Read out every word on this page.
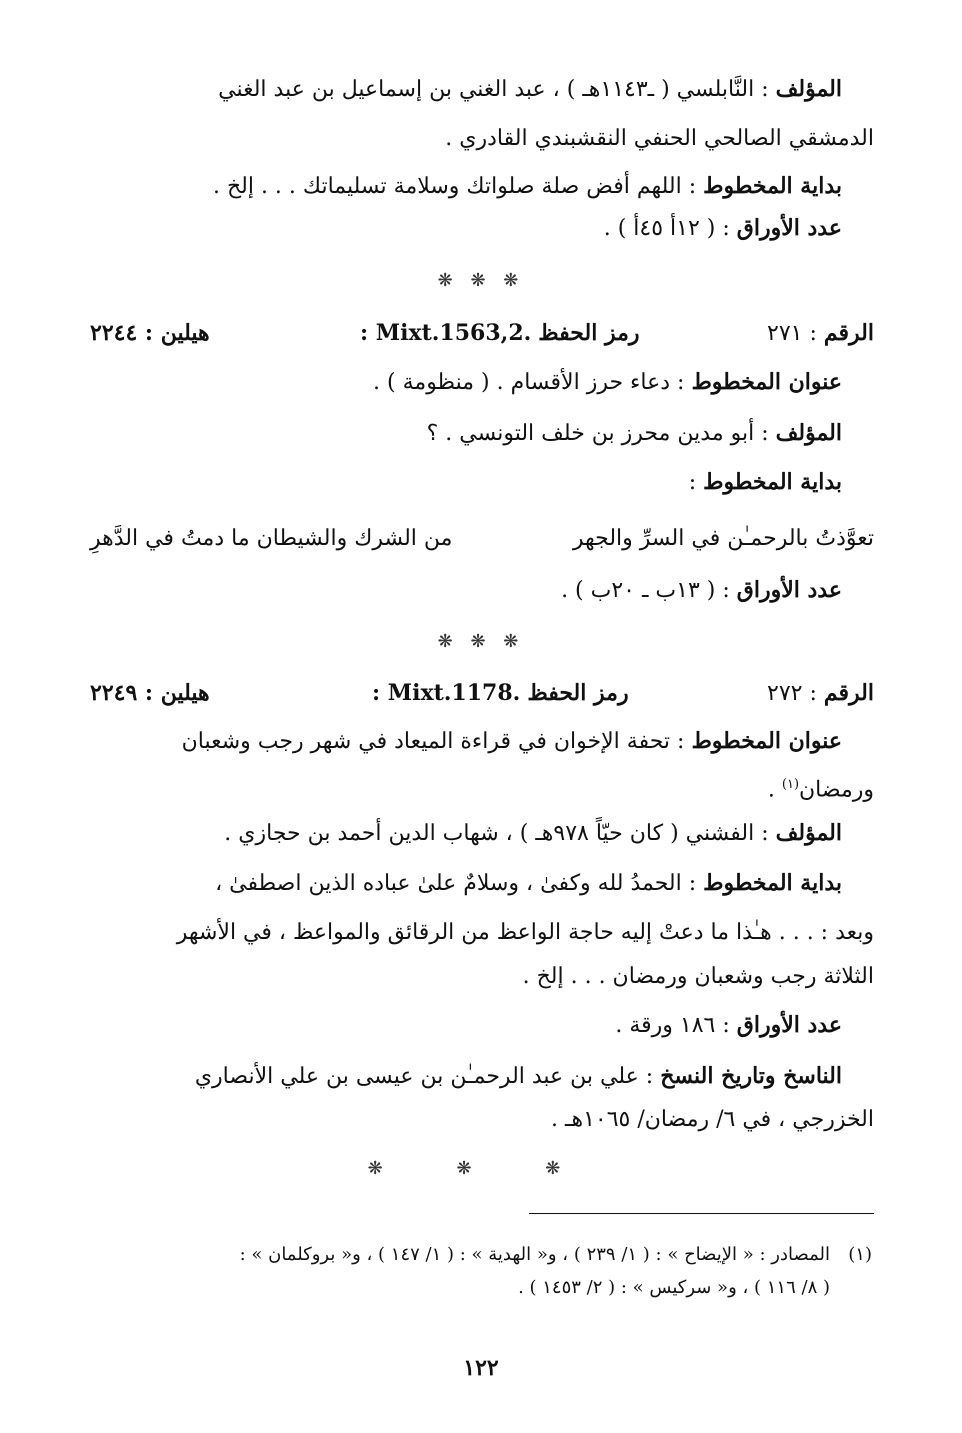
المؤلف : النَّابلسي ( ـ١١٤٣هـ ) ، عبد الغني بن إسماعيل بن عبد الغني
الدمشقي الصالحي الحنفي النقشبندي القادري .
بداية المخطوط : اللهم أفض صلة صلواتك وسلامة تسليماتك . . . إلخ .
عدد الأوراق : ( ١٢أ ٤٥أ ) .
❋ ❋ ❋
الرقم : ٢٧١
رمز الحفظ : Mixt.1563,2.
هيلين : ٢٢٤٤
عنوان المخطوط : دعاء حرز الأقسام . ( منظومة ) .
المؤلف : أبو مدين محرز بن خلف التونسي . ؟
بداية المخطوط :
تعوَّذتُ بالرحمـٰن في السرِّ والجهر
من الشرك والشيطان ما دمتُ في الدَّهرِ
عدد الأوراق : ( ١٣ب ـ ٢٠ب ) .
❋ ❋ ❋
الرقم : ٢٧٢
رمز الحفظ : Mixt.1178.
هيلين : ٢٢٤٩
عنوان المخطوط : تحفة الإخوان في قراءة الميعاد في شهر رجب وشعبان
ورمضان$^{(١)}$ .
المؤلف : الفشني ( كان حيّاً ٩٧٨هـ ) ، شهاب الدين أحمد بن حجازي .
بداية المخطوط : الحمدُ لله وكفىٰ ، وسلامٌ علىٰ عباده الذين اصطفىٰ ،
وبعد : . . . هـٰذا ما دعتْ إليه حاجة الواعظ من الرقائق والمواعظ ، في الأشهر
الثلاثة رجب وشعبان ورمضان . . . إلخ .
عدد الأوراق : ١٨٦ ورقة .
الناسخ وتاريخ النسخ : علي بن عبد الرحمـٰن بن عيسى بن علي الأنصاري
الخزرجي ، في ٦/ رمضان/ ١٠٦٥هـ .
❋ ❋ ❋
(١)
المصادر : « الإيضاح » : ( ١/ ٢٣٩ ) ، و« الهدية » : ( ١/ ١٤٧ ) ، و« بروكلمان » :
( ٨/ ١١٦ ) ، و« سركيس » : ( ٢/ ١٤٥٣ ) .
١٢٢
